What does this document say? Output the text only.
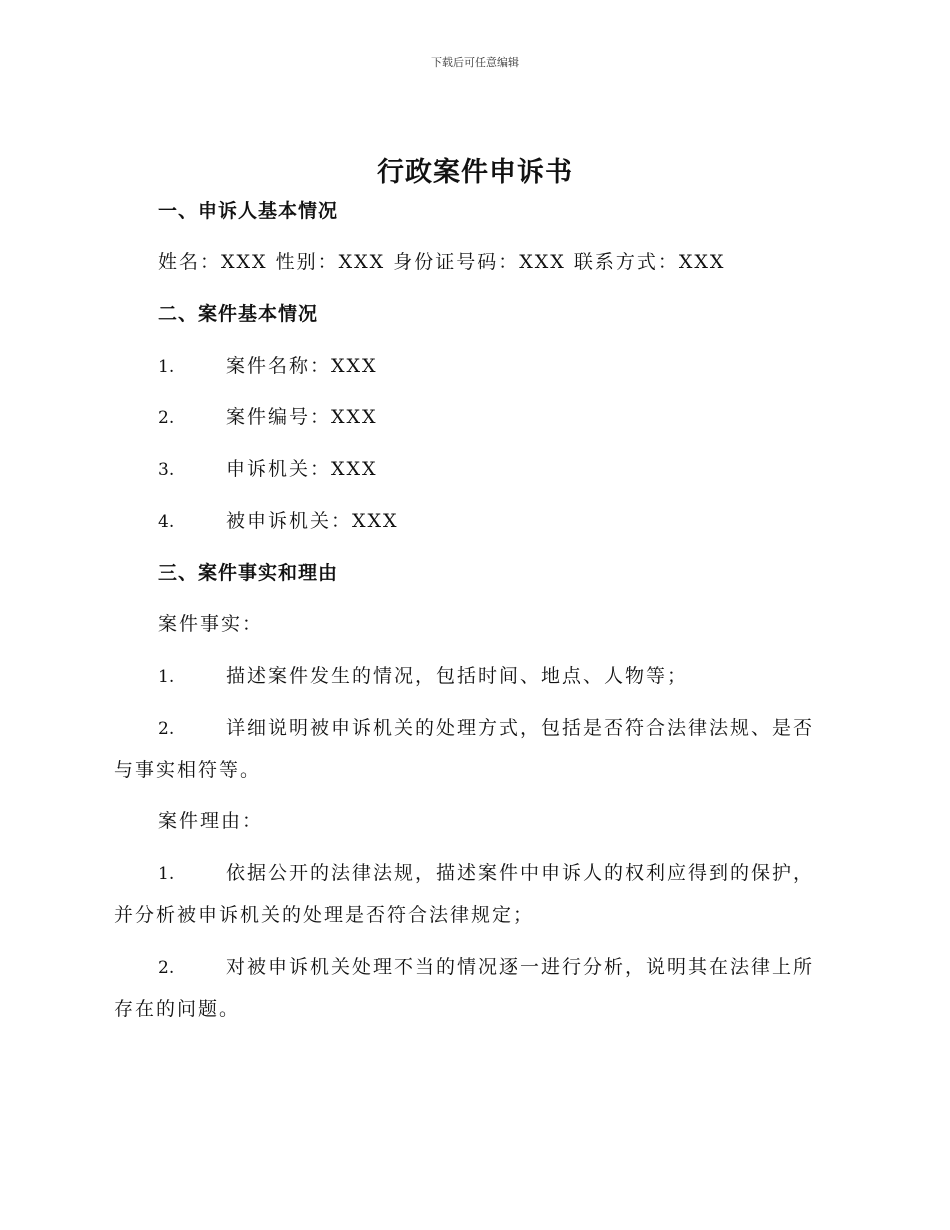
下载后可任意编辑
行政案件申诉书
一、申诉人基本情况
姓名：XXX 性别：XXX 身份证号码：XXX 联系方式：XXX
二、案件基本情况
1.	案件名称：XXX
2.	案件编号：XXX
3.	申诉机关：XXX
4.	被申诉机关：XXX
三、案件事实和理由
案件事实：
1.	描述案件发生的情况，包括时间、地点、人物等；
2.	详细说明被申诉机关的处理方式，包括是否符合法律法规、是否
与事实相符等。
案件理由：
1.	依据公开的法律法规，描述案件中申诉人的权利应得到的保护，
并分析被申诉机关的处理是否符合法律规定；
2.	对被申诉机关处理不当的情况逐一进行分析，说明其在法律上所
存在的问题。
